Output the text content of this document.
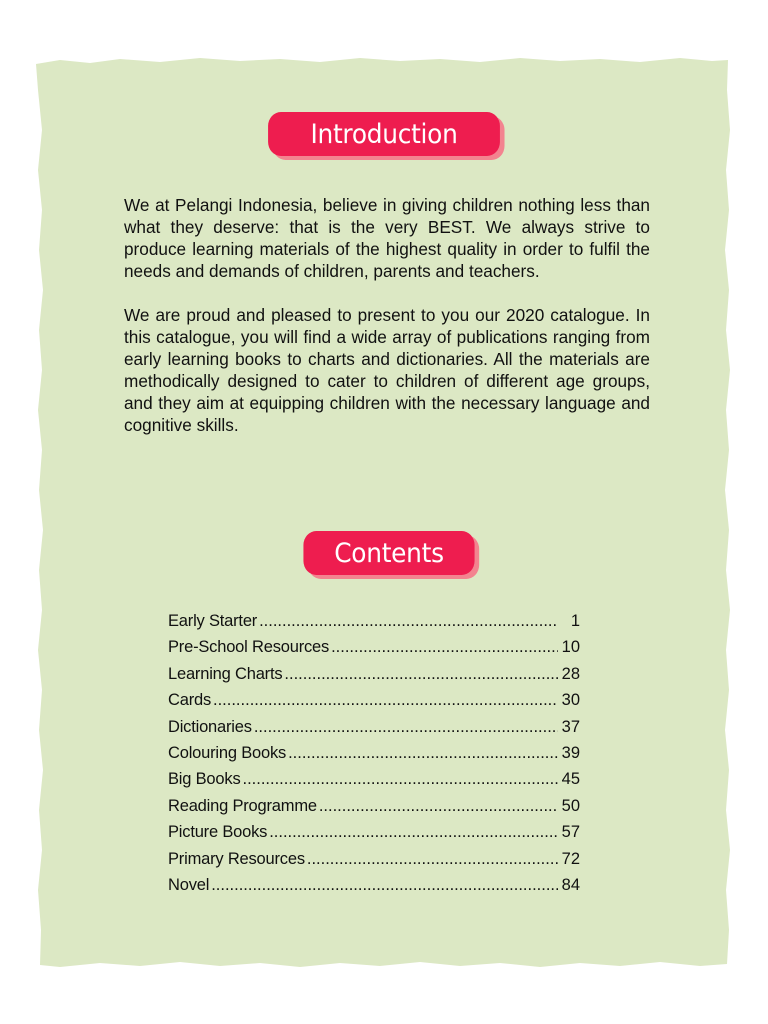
Introduction

We at Pelangi Indonesia, believe in giving children nothing less than what they deserve: that is the very BEST. We always strive to produce learning materials of the highest quality in order to fulfil the needs and demands of children, parents and teachers.

We are proud and pleased to present to you our 2020 catalogue. In this catalogue, you will find a wide array of publications ranging from early learning books to charts and dictionaries. All the materials are methodically designed to cater to children of different age groups, and they aim at equipping children with the necessary language and cognitive skills.

Contents
Early Starter .....	1
Pre-School Resources .....	10
Learning Charts .....	28
Cards .....	30
Dictionaries .....	37
Colouring Books .....	39
Big Books .....	45
Reading Programme .....	50
Picture Books .....	57
Primary Resources .....	72
Novel .....	84
